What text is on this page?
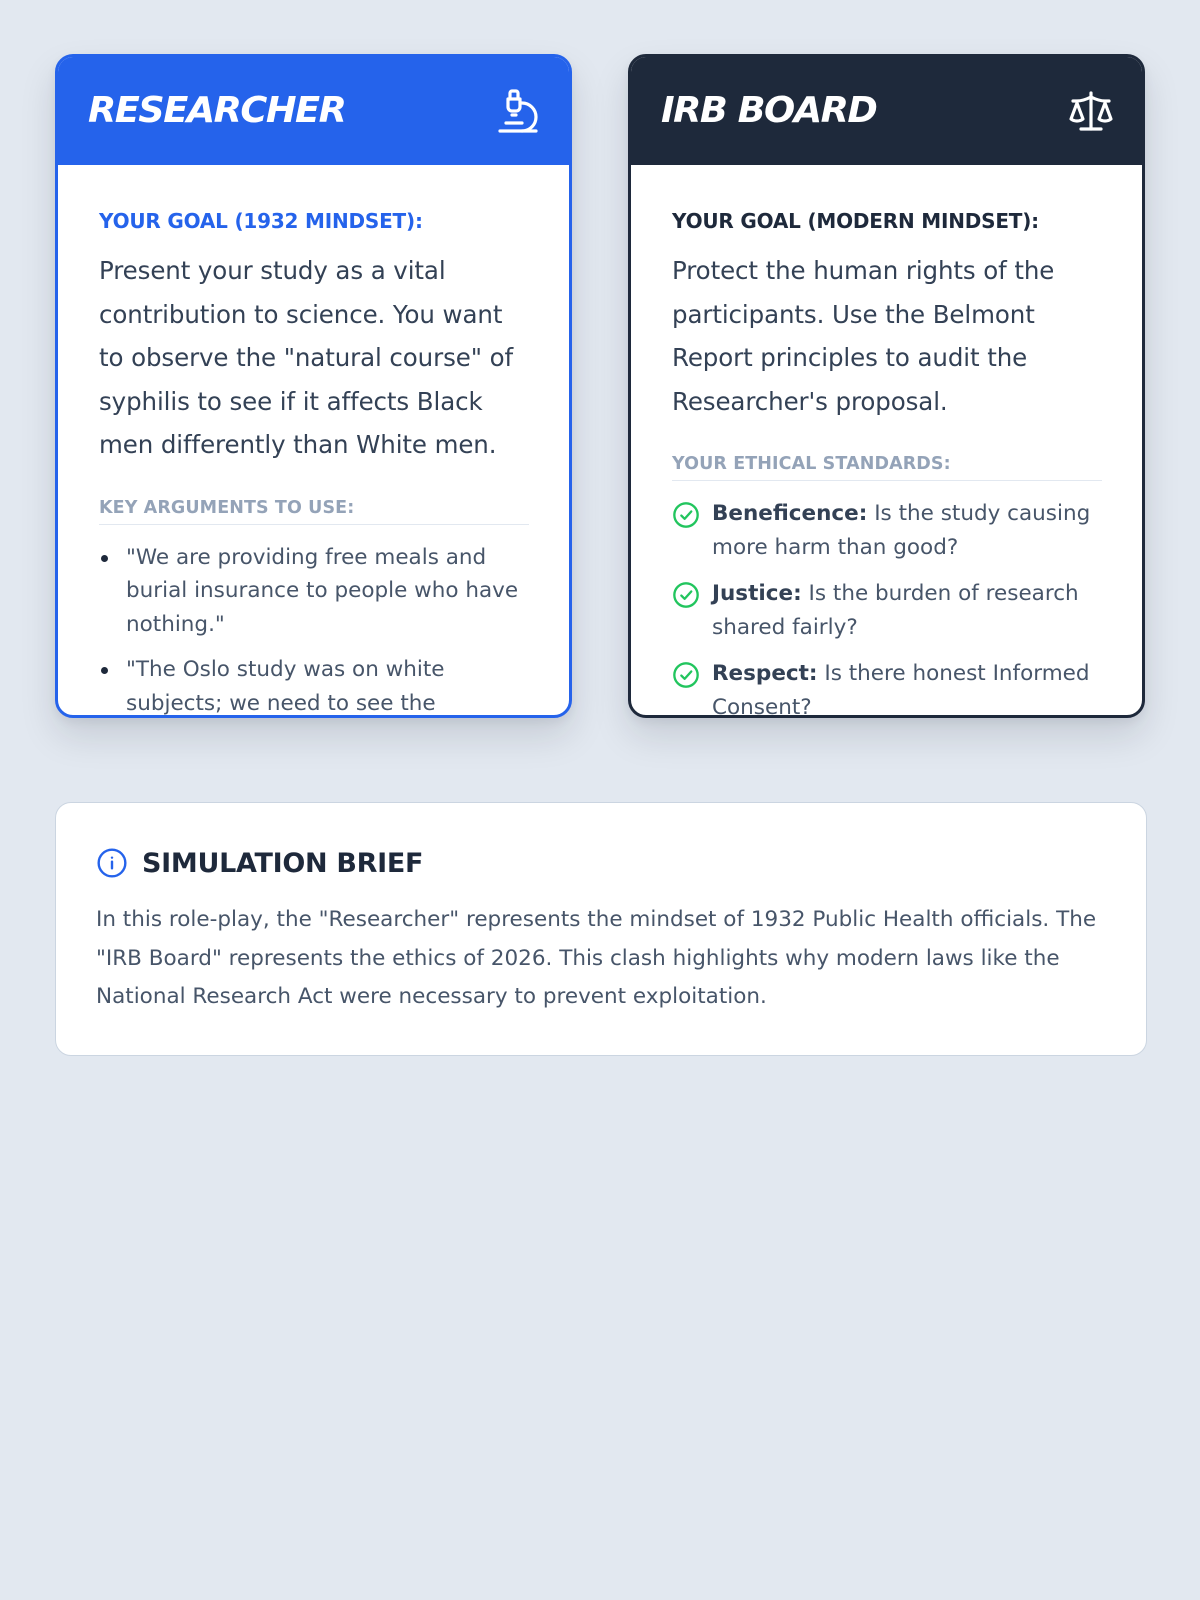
RESEARCHER
YOUR GOAL (1932 MINDSET):

Present your study as a vital contribution to science. You want to observe the "natural course" of syphilis to see if it affects Black men differently than White men.

KEY ARGUMENTS TO USE:
"We are providing free meals and burial insurance to people who have nothing."
"The Oslo study was on white subjects; we need to see the
IRB BOARD
YOUR GOAL (MODERN MINDSET):

Protect the human rights of the participants. Use the Belmont Report principles to audit the Researcher's proposal.

YOUR ETHICAL STANDARDS:
Beneficence: Is the study causing more harm than good?
Justice: Is the burden of research shared fairly?
Respect: Is there honest Informed Consent?
SIMULATION BRIEF

In this role-play, the "Researcher" represents the mindset of 1932 Public Health officials. The "IRB Board" represents the ethics of 2026. This clash highlights why modern laws like the National Research Act were necessary to prevent exploitation.
